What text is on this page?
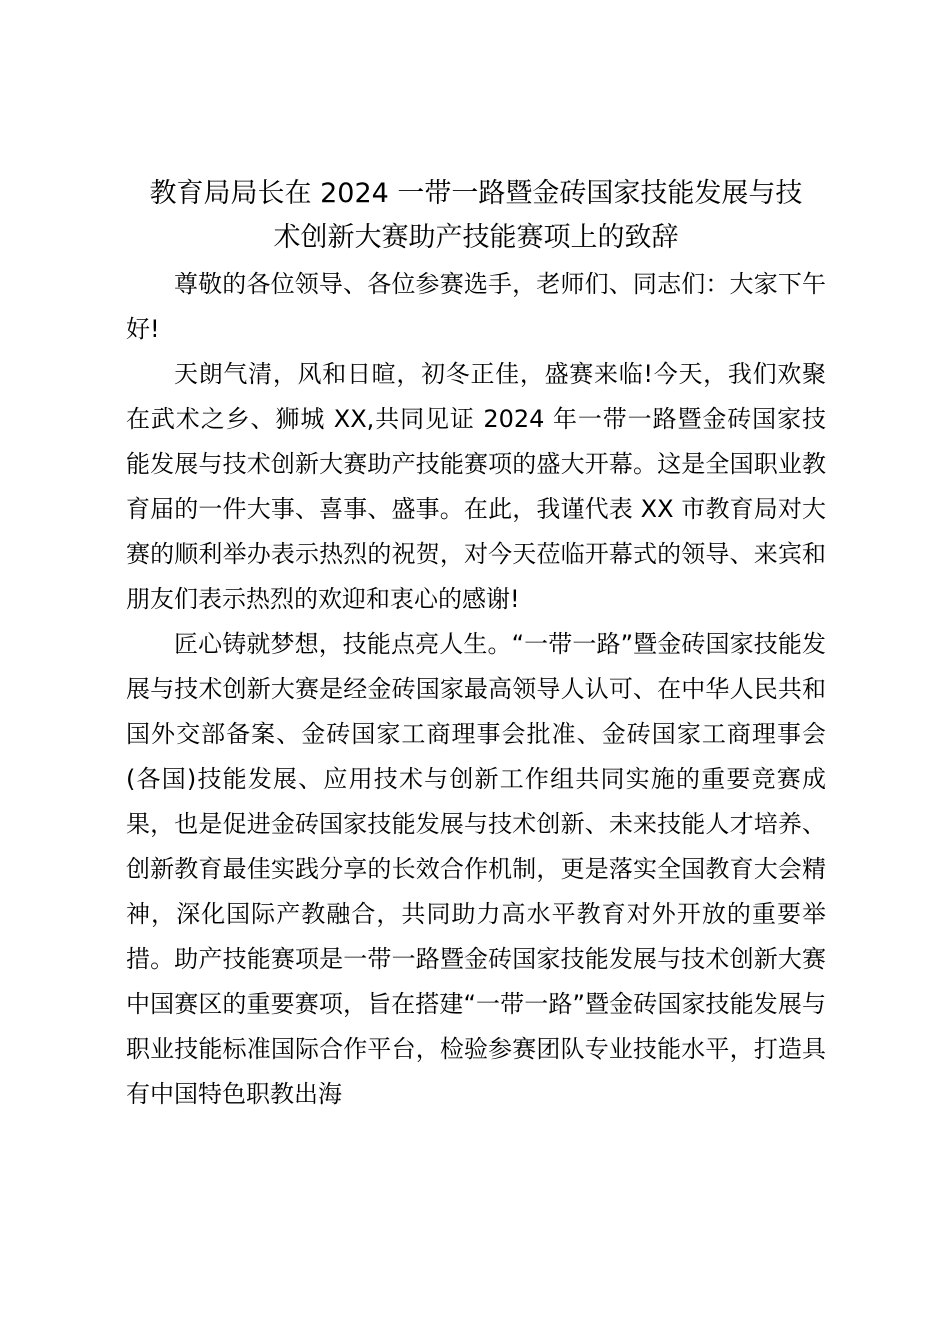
教育局局长在 2024 一带一路暨金砖国家技能发展与技
术创新大赛助产技能赛项上的致辞

尊敬的各位领导、各位参赛选手，老师们、同志们：大家下午好!

天朗气清，风和日暄，初冬正佳，盛赛来临!今天，我们欢聚在武术之乡、狮城 XX,共同见证 2024 年一带一路暨金砖国家技能发展与技术创新大赛助产技能赛项的盛大开幕。这是全国职业教育届的一件大事、喜事、盛事。在此，我谨代表 XX 市教育局对大赛的顺利举办表示热烈的祝贺，对今天莅临开幕式的领导、来宾和朋友们表示热烈的欢迎和衷心的感谢!

匠心铸就梦想，技能点亮人生。“一带一路”暨金砖国家技能发展与技术创新大赛是经金砖国家最高领导人认可、在中华人民共和国外交部备案、金砖国家工商理事会批准、金砖国家工商理事会(各国)技能发展、应用技术与创新工作组共同实施的重要竞赛成果，也是促进金砖国家技能发展与技术创新、未来技能人才培养、创新教育最佳实践分享的长效合作机制，更是落实全国教育大会精神，深化国际产教融合，共同助力高水平教育对外开放的重要举措。助产技能赛项是一带一路暨金砖国家技能发展与技术创新大赛中国赛区的重要赛项，旨在搭建“一带一路”暨金砖国家技能发展与职业技能标准国际合作平台，检验参赛团队专业技能水平，打造具有中国特色职教出海
